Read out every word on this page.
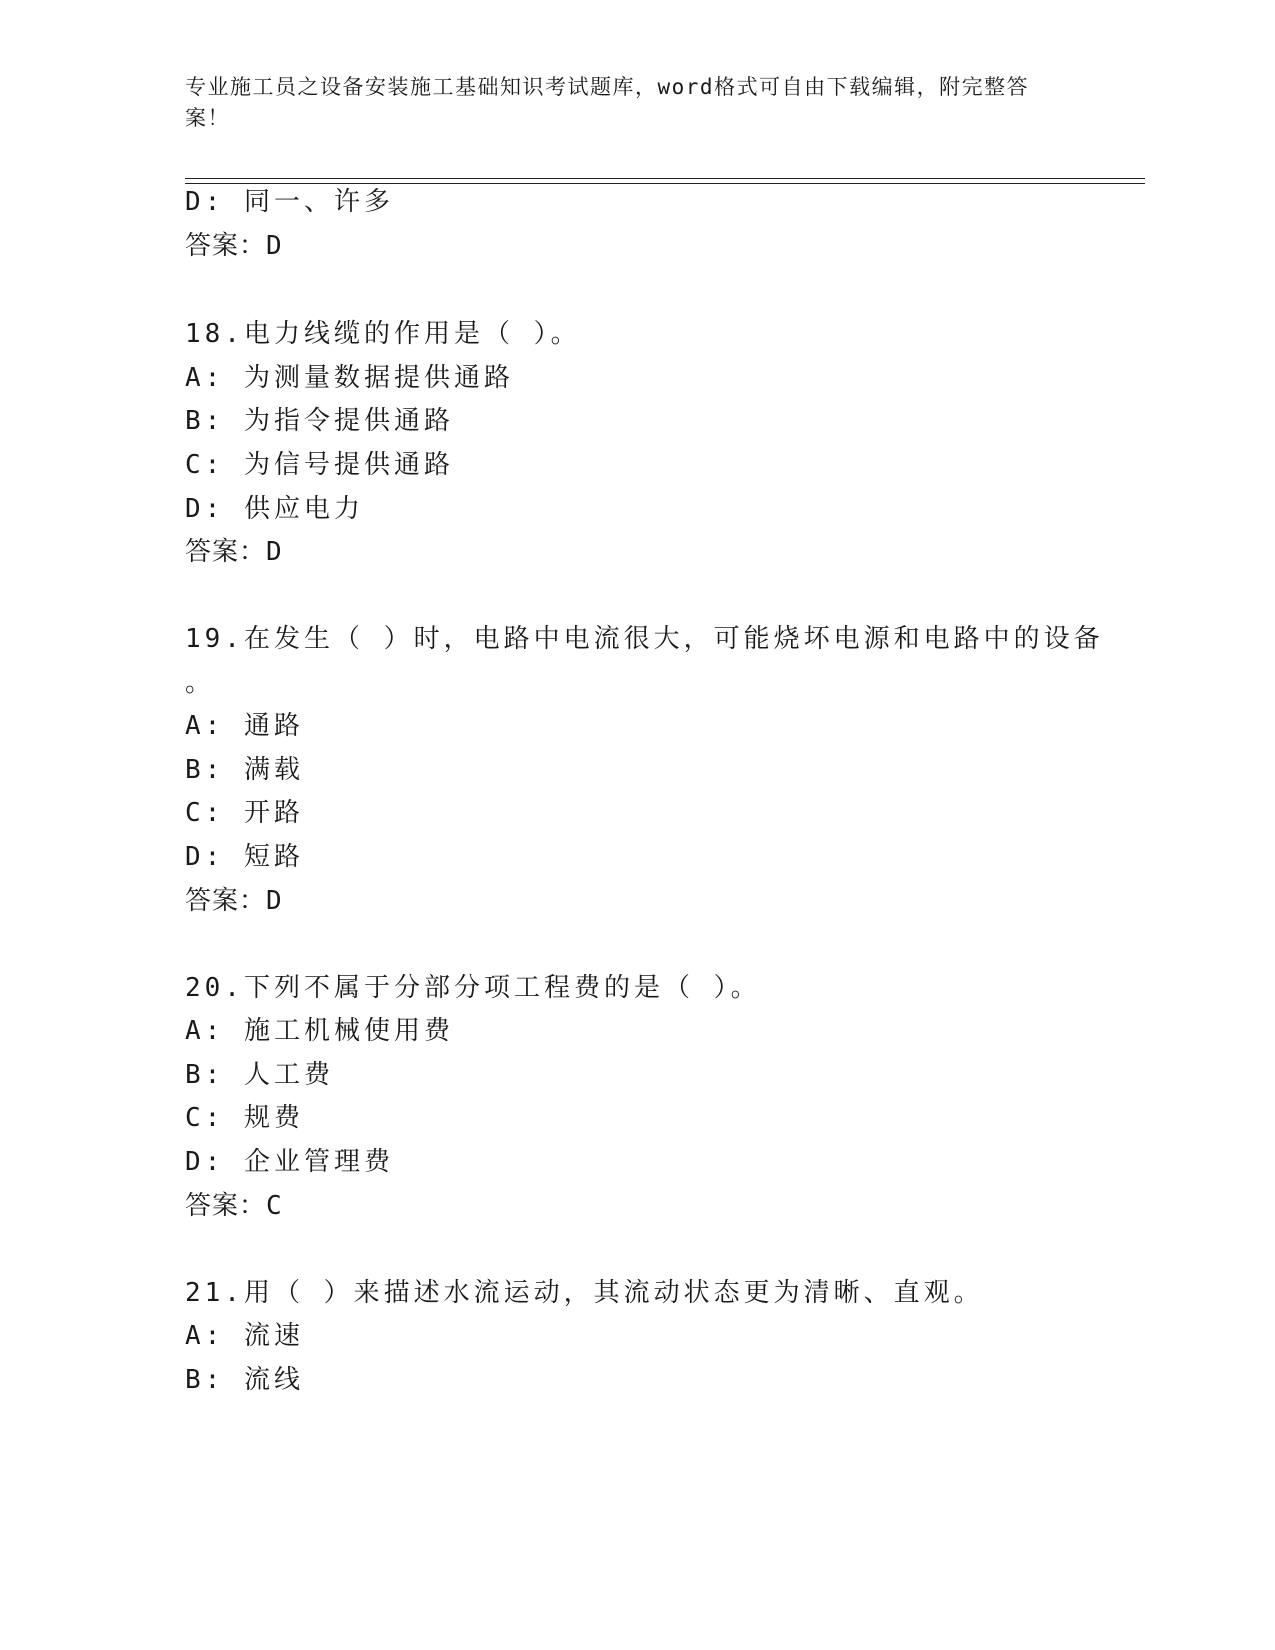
专业施工员之设备安装施工基础知识考试题库，word格式可自由下载编辑，附完整答案！
D: 同一、许多
答案：D
18.电力线缆的作用是（ ）。
A: 为测量数据提供通路
B: 为指令提供通路
C: 为信号提供通路
D: 供应电力
答案：D
19.在发生（ ）时，电路中电流很大，可能烧坏电源和电路中的设备
。
A: 通路
B: 满载
C: 开路
D: 短路
答案：D
20.下列不属于分部分项工程费的是（ ）。
A: 施工机械使用费
B: 人工费
C: 规费
D: 企业管理费
答案：C
21.用（ ）来描述水流运动，其流动状态更为清晰、直观。
A: 流速
B: 流线
